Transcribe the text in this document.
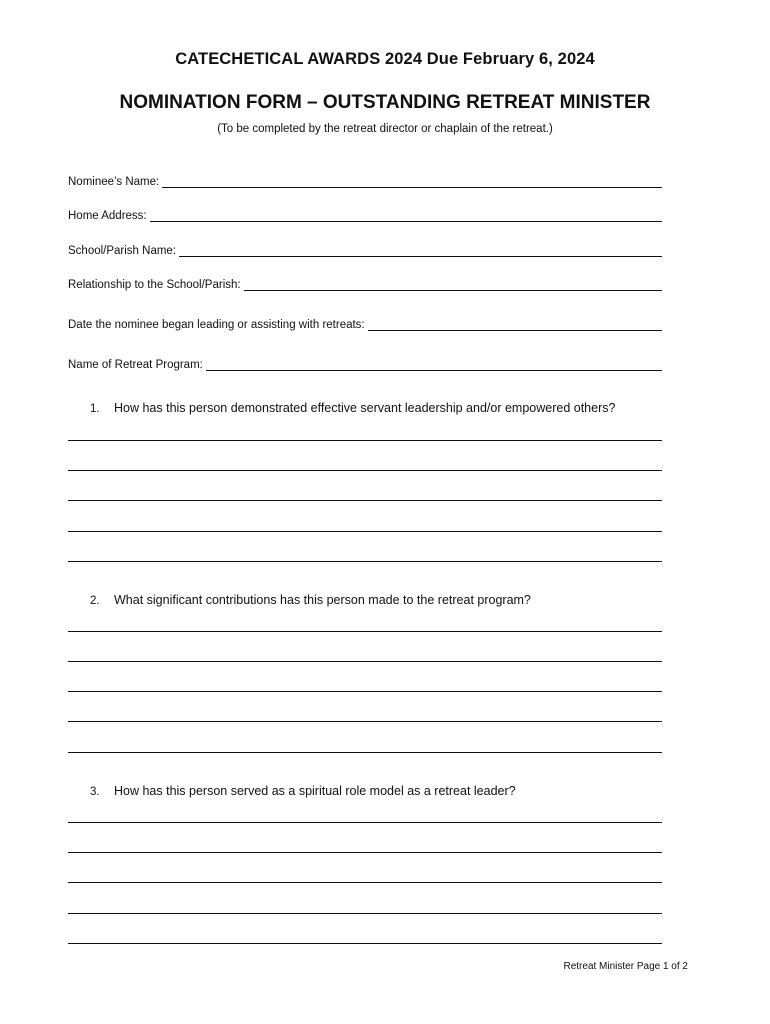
CATECHETICAL AWARDS 2024 Due February 6, 2024
NOMINATION FORM – OUTSTANDING RETREAT MINISTER
(To be completed by the retreat director or chaplain of the retreat.)
Nominee’s Name:
Home Address:
School/Parish Name:
Relationship to the School/Parish:
Date the nominee began leading or assisting with retreats:
Name of Retreat Program:
1. How has this person demonstrated effective servant leadership and/or empowered others?
2. What significant contributions has this person made to the retreat program?
3. How has this person served as a spiritual role model as a retreat leader?
Retreat Minister Page 1 of 2
